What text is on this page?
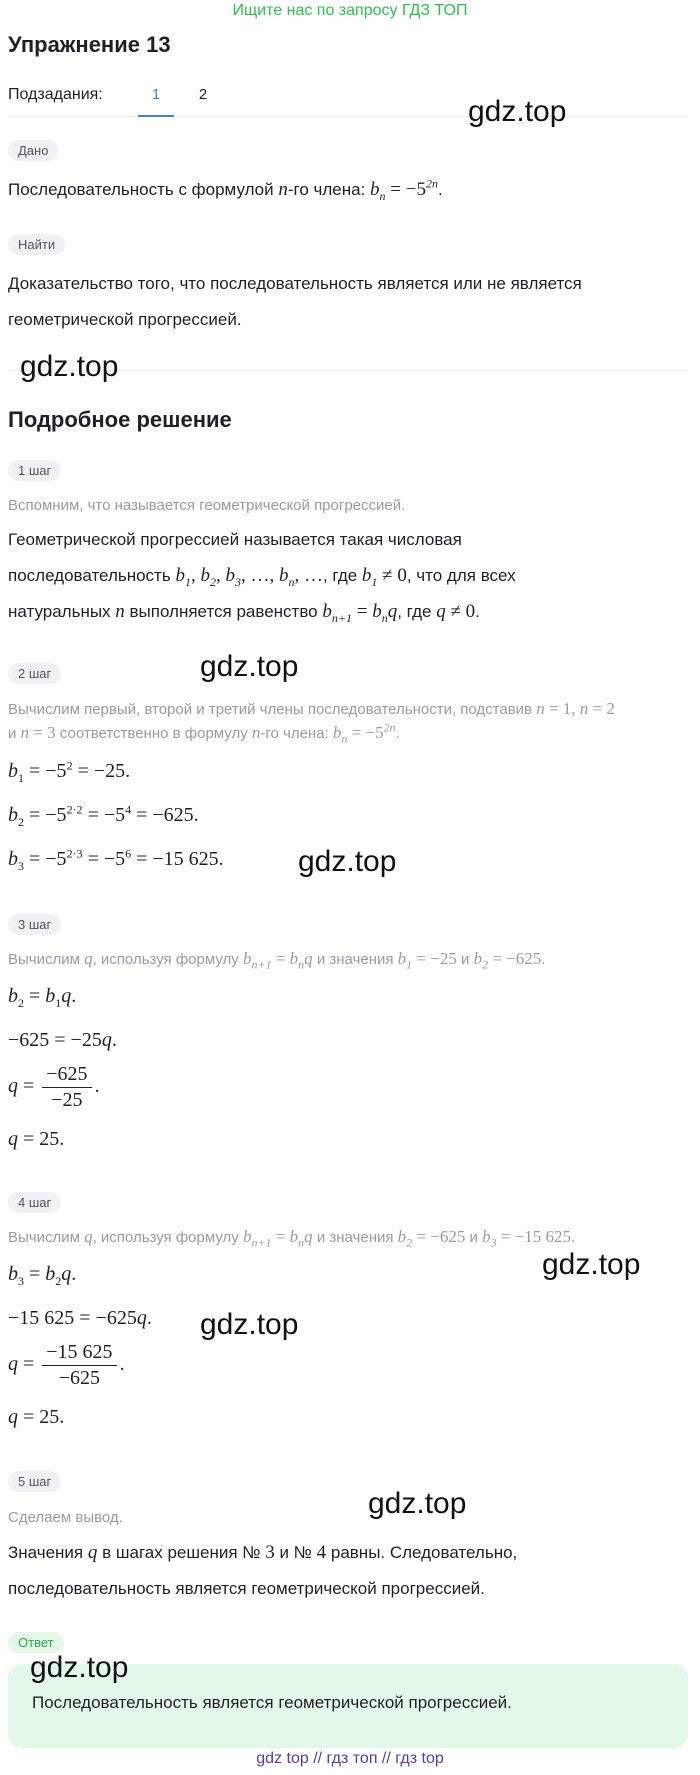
Ищите нас по запросу ГДЗ ТОП
Упражнение 13
Подзадания:	1	2
Дано

Последовательность с формулой n-го члена: $b_n = -5^{2n}$.

Найти

Доказательство того, что последовательность является или не является геометрической прогрессией.

Подробное решение
1 шаг

Вспомним, что называется геометрической прогрессией.

Геометрической прогрессией называется такая числовая
последовательность $b_1$, $b_2$, $b_3$, …, $b_n$, …, где $b_1 \ne 0$, что для всех
натуральных n выполняется равенство $b_{n+1} = b_nq$, где q ≠ 0.

2 шаг

Вычислим первый, второй и третий члены последовательности, подставив n = 1, n = 2
и n = 3 соответственно в формулу n-го члена: $b_n = -5^{2n}$.

$b_1 = -5^2 = -25$.
$b_2 = -5^{2\cdot 2} = -5^4 = -625$.
$b_3 = -5^{2\cdot 3} = -5^6 = -15$ 625.
3 шаг

Вычислим q, используя формулу $b_{n+1} = b_nq$ и значения $b_1 = -25$ и $b_2 = -625$.

$b_2 = b_1q$.
−625 = −25q.
$q = \frac{-625}{-25}$ .
q = 25.
4 шаг

Вычислим q, используя формулу $b_{n+1} = b_nq$ и значения $b_2 = -625$ и $b_3 = -15$ 625.

$b_3 = b_2q$.
−15 625 = −625q.
$q = \frac{-15 625}{-625}$ .
q = 25.
5 шаг

Сделаем вывод.

Значения q в шагах решения № 3 и № 4 равны. Следовательно,
последовательность является геометрической прогрессией.

Ответ
Последовательность является геометрической прогрессией.
gdz.top
gdz.top
gdz.top
gdz.top
gdz.top
gdz.top
gdz.top
gdz.top
gdz top // гдз топ // гдз top
